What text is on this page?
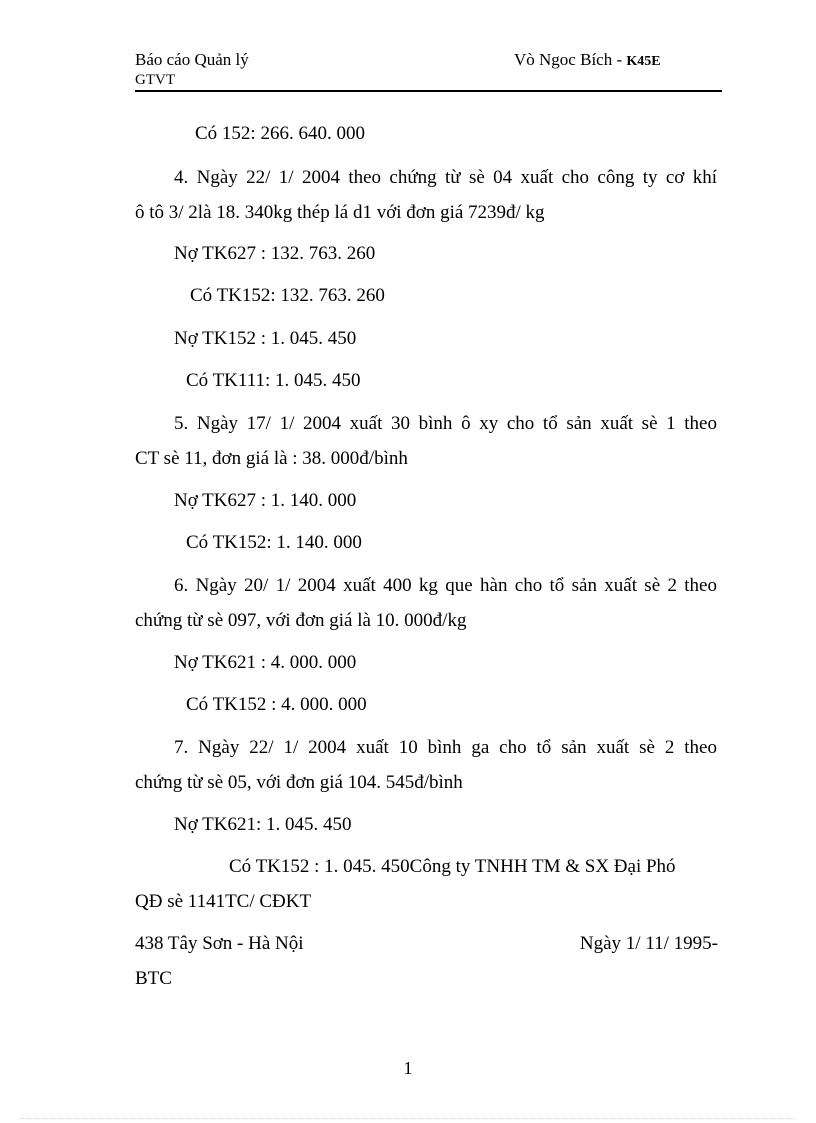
Báo cáo Quản lý
GTVT
Vò Ngoc Bích - K45E
Có 152: 266. 640. 000
4. Ngày 22/ 1/ 2004 theo chứng từ sè 04 xuất cho công ty cơ khí
ô tô 3/ 2là 18. 340kg thép lá d1 với đơn giá 7239đ/ kg
Nợ TK627 : 132. 763. 260
Có TK152: 132. 763. 260
Nợ TK152 : 1. 045. 450
Có TK111: 1. 045. 450
5. Ngày 17/ 1/ 2004 xuất 30 bình ô xy cho tổ sản xuất sè 1 theo
CT sè 11, đơn giá là : 38. 000đ/bình
Nợ TK627 : 1. 140. 000
Có TK152: 1. 140. 000
6. Ngày 20/ 1/ 2004 xuất 400 kg que hàn cho tổ sản xuất sè 2 theo
chứng từ sè 097, với đơn giá là 10. 000đ/kg
Nợ TK621 : 4. 000. 000
Có TK152 : 4. 000. 000
7. Ngày 22/ 1/ 2004 xuất 10 bình ga cho tổ sản xuất sè 2 theo
chứng từ sè 05, với đơn giá 104. 545đ/bình
Nợ TK621: 1. 045. 450
Có TK152 : 1. 045. 450Công ty TNHH TM & SX Đại Phó
QĐ sè 1141TC/ CĐKT
438 Tây Sơn - Hà Nội	Ngày 1/ 11/ 1995-
BTC
1
